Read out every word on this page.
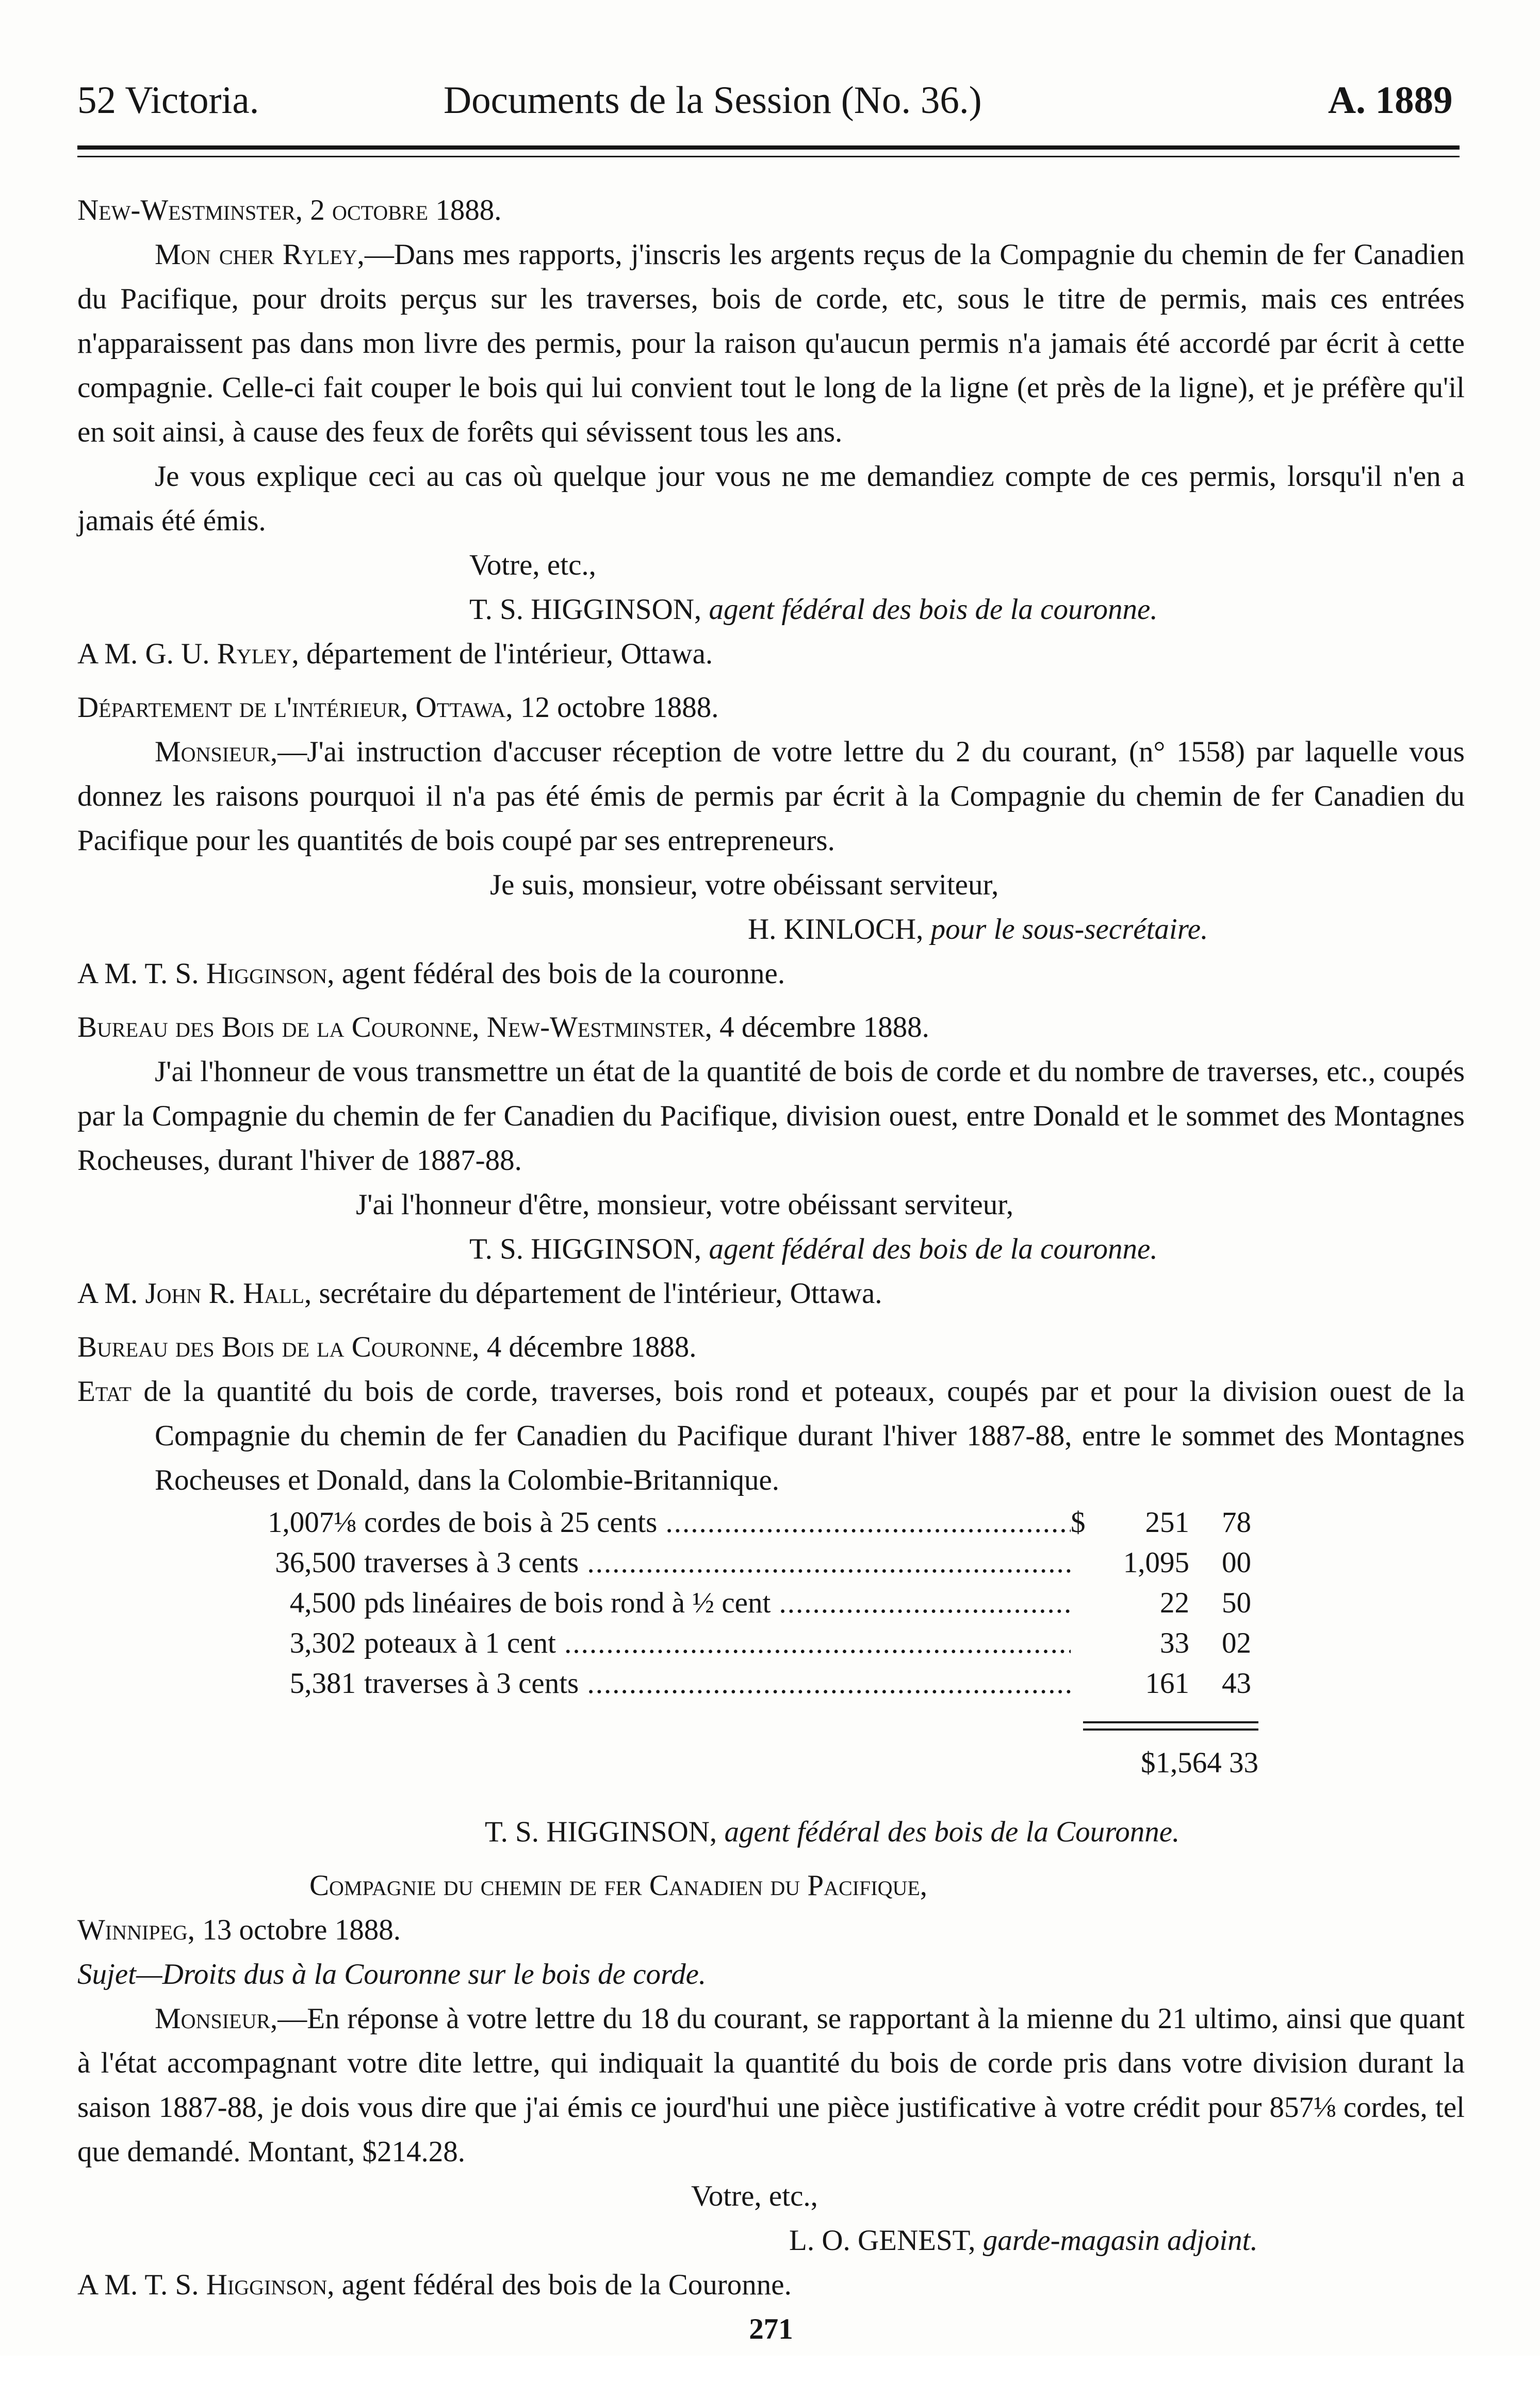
52 Victoria.	Documents de la Session (No. 36.)	A. 1889

New-Westminster, 2 octobre 1888.

Mon cher Ryley,—Dans mes rapports, j'inscris les argents reçus de la Compagnie du chemin de fer Canadien du Pacifique, pour droits perçus sur les traverses, bois de corde, etc, sous le titre de permis, mais ces entrées n'apparaissent pas dans mon livre des permis, pour la raison qu'aucun permis n'a jamais été accordé par écrit à cette compagnie. Celle-ci fait couper le bois qui lui convient tout le long de la ligne (et près de la ligne), et je préfère qu'il en soit ainsi, à cause des feux de forêts qui sévissent tous les ans.

Je vous explique ceci au cas où quelque jour vous ne me demandiez compte de ces permis, lorsqu'il n'en a jamais été émis.

Votre, etc.,

T. S. HIGGINSON, agent fédéral des bois de la couronne.

A M. G. U. Ryley, département de l'intérieur, Ottawa.

Département de l'intérieur, Ottawa, 12 octobre 1888.

Monsieur,—J'ai instruction d'accuser réception de votre lettre du 2 du courant, (n° 1558) par laquelle vous donnez les raisons pourquoi il n'a pas été émis de permis par écrit à la Compagnie du chemin de fer Canadien du Pacifique pour les quantités de bois coupé par ses entrepreneurs.

Je suis, monsieur, votre obéissant serviteur,

H. KINLOCH, pour le sous-secrétaire.

A M. T. S. Higginson, agent fédéral des bois de la couronne.

Bureau des Bois de la Couronne, New-Westminster, 4 décembre 1888.

J'ai l'honneur de vous transmettre un état de la quantité de bois de corde et du nombre de traverses, etc., coupés par la Compagnie du chemin de fer Canadien du Pacifique, division ouest, entre Donald et le sommet des Montagnes Rocheuses, durant l'hiver de 1887-88.

J'ai l'honneur d'être, monsieur, votre obéissant serviteur,

T. S. HIGGINSON, agent fédéral des bois de la couronne.

A M. John R. Hall, secrétaire du département de l'intérieur, Ottawa.

Bureau des Bois de la Couronne, 4 décembre 1888.

Etat de la quantité du bois de corde, traverses, bois rond et poteaux, coupés par et pour la division ouest de la Compagnie du chemin de fer Canadien du Pacifique durant l'hiver 1887-88, entre le sommet des Montagnes Rocheuses et Donald, dans la Colombie-Britannique.

1,007⅛	cordes de bois à 25 cents .....	$	251	78
36,500	traverses à 3 cents .....		1,095	00
4,500	pds linéaires de bois rond à ½ cent .....		22	50
3,302	poteaux à 1 cent .....		33	02
5,381	traverses à 3 cents .....		161	43
$1,564 33

T. S. HIGGINSON, agent fédéral des bois de la Couronne.

Compagnie du chemin de fer Canadien du Pacifique,

Winnipeg, 13 octobre 1888.

Sujet—Droits dus à la Couronne sur le bois de corde.

Monsieur,—En réponse à votre lettre du 18 du courant, se rapportant à la mienne du 21 ultimo, ainsi que quant à l'état accompagnant votre dite lettre, qui indiquait la quantité du bois de corde pris dans votre division durant la saison 1887-88, je dois vous dire que j'ai émis ce jourd'hui une pièce justificative à votre crédit pour 857⅛ cordes, tel que demandé. Montant, $214.28.

Votre, etc.,

L. O. GENEST, garde-magasin adjoint.

A M. T. S. Higginson, agent fédéral des bois de la Couronne.

271
